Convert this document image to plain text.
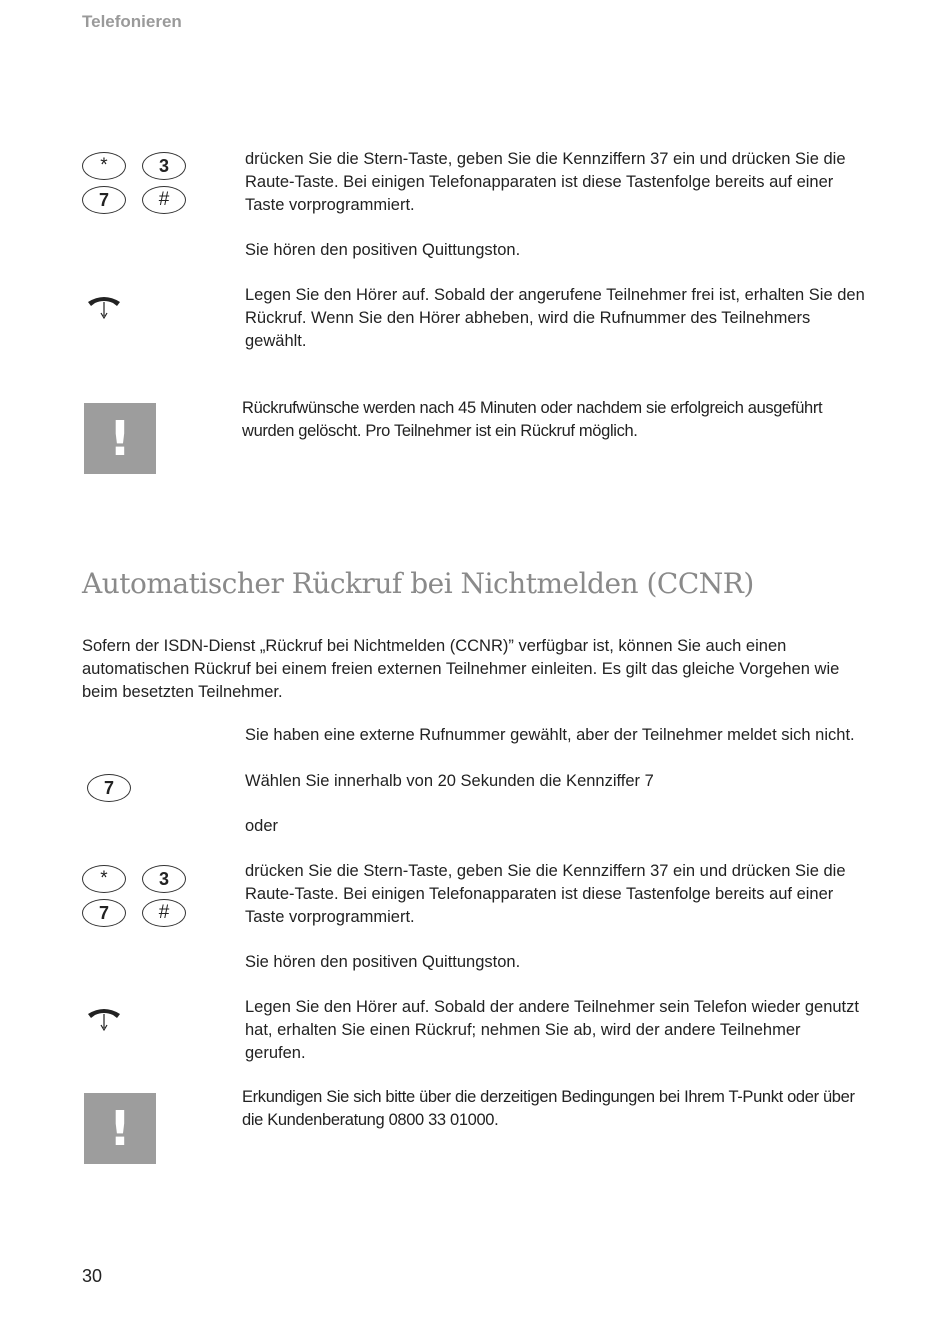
Telefonieren
*	3
7	#
drücken Sie die Stern-Taste, geben Sie die Kennziffern 37 ein und drücken Sie die Raute-Taste. Bei einigen Telefonapparaten ist diese Tastenfolge bereits auf einer Taste vorprogrammiert.
Sie hören den positiven Quittungston.
Legen Sie den Hörer auf. Sobald der angerufene Teilnehmer frei ist, erhalten Sie den Rückruf. Wenn Sie den Hörer abheben, wird die Rufnummer des Teilnehmers gewählt.
!
Rückrufwünsche werden nach 45 Minuten oder nachdem sie erfolgreich ausgeführt wurden gelöscht. Pro Teilnehmer ist ein Rückruf möglich.
Automatischer Rückruf bei Nichtmelden (CCNR)
Sofern der ISDN-Dienst „Rückruf bei Nichtmelden (CCNR)” verfügbar ist, können Sie auch einen automatischen Rückruf bei einem freien externen Teilnehmer einleiten. Es gilt das gleiche Vorgehen wie beim besetzten Teilnehmer.
Sie haben eine externe Rufnummer gewählt, aber der Teilnehmer meldet sich nicht.
7	Wählen Sie innerhalb von 20 Sekunden die Kennziffer 7
oder
*	3
7	#
drücken Sie die Stern-Taste, geben Sie die Kennziffern 37 ein und drücken Sie die Raute-Taste. Bei einigen Telefonapparaten ist diese Tastenfolge bereits auf einer Taste vorprogrammiert.
Sie hören den positiven Quittungston.
Legen Sie den Hörer auf. Sobald der andere Teilnehmer sein Telefon wieder genutzt hat, erhalten Sie einen Rückruf; nehmen Sie ab, wird der andere Teilnehmer gerufen.
!
Erkundigen Sie sich bitte über die derzeitigen Bedingungen bei Ihrem T-Punkt oder über die Kundenberatung 0800 33 01000.
30
